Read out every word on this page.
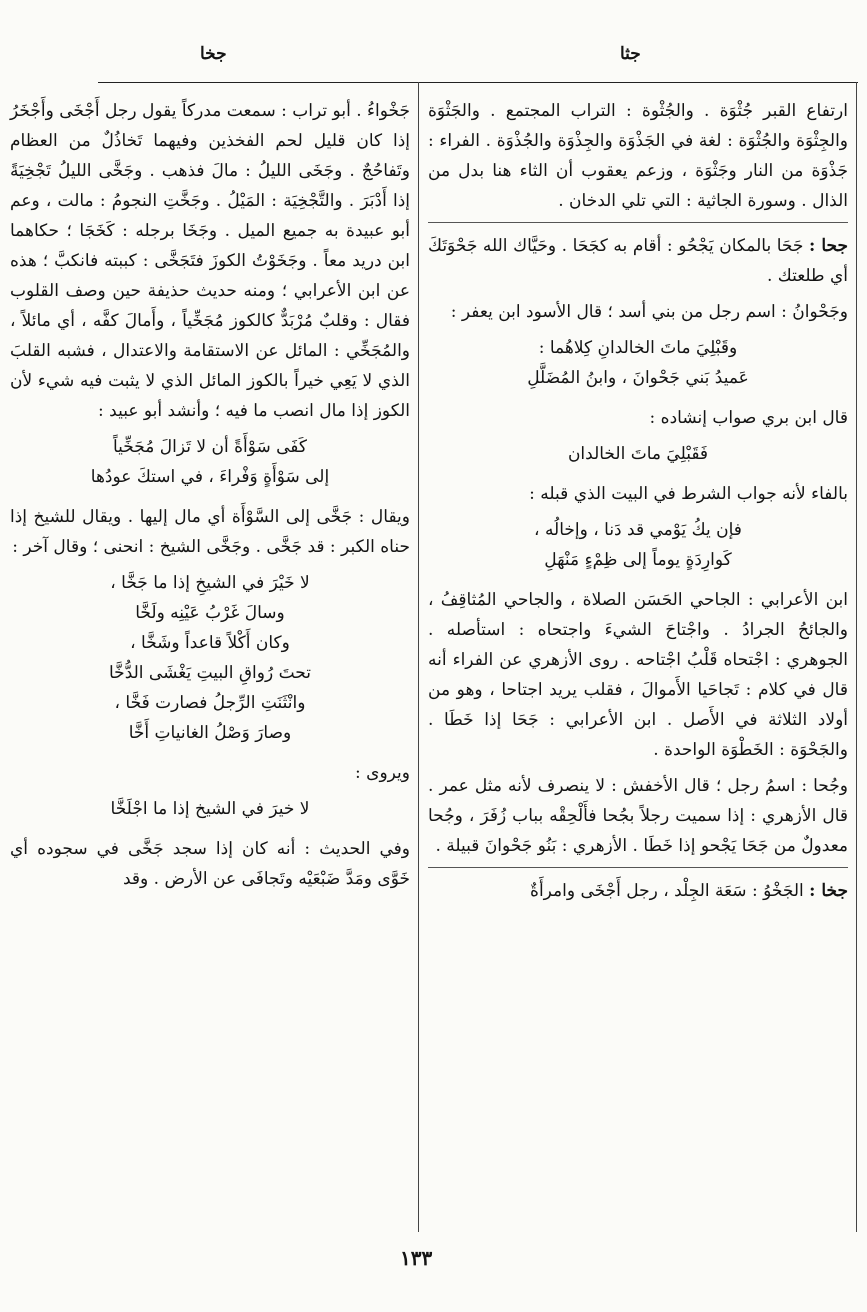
جثا
جخا

ارتفاع القبر جُثْوَة . والجُثْوة : التراب المجتمع . والجَثْوَة والجِثْوَة والجُثْوَة : لغة في الجَذْوَة والجِذْوَة والجُذْوَة . الفراء : جَذْوَة من النار وجَثْوَة ، وزعم يعقوب أن الثاء هنا بدل من الذال . وسورة الجاثية : التي تلي الدخان .

جحا : جَحَا بالمكان يَجْحُو : أقام به كجَحَا . وحَيَّاك الله جَحْوَتَكَ أي طلعتك .

وجَحْوانُ : اسم رجل من بني أسد ؛ قال الأسود ابن يعفر :

وقَبْلِيَ ماتَ الخالدانِ كِلاهُما :
عَميدُ بَني جَحْوانَ ، وابنُ المُضَلَّلِ

قال ابن بري صواب إنشاده :

فَقَبْلِيَ ماتَ الخالدان

بالفاء لأنه جواب الشرط في البيت الذي قبله :

فإن يكُ يَوْمي قد دَنا ، وإخالُه ،
كَوارِدَةٍ يوماً إلى ظِمْءٍ مَنْهَلِ

ابن الأعرابي : الجاحي الحَسَن الصلاة ، والجاحي المُثاقِفُ ، والجائحُ الجرادُ . واجْتاحَ الشيءَ واجتحاه : استأصله . الجوهري : اجْتحاه قَلْبُ اجْتاحه . روى الأزهري عن الفراء أنه قال في كلام : تَجاحَيا الأَموالَ ، فقلب يريد اجتاحا ، وهو من أولاد الثلاثة في الأَصل . ابن الأعرابي : جَحَا إذا خَطَا . والجَحْوَة : الخَطْوَة الواحدة .

وجُحا : اسمُ رجل ؛ قال الأخفش : لا ينصرف لأنه مثل عمر . قال الأزهري : إذا سميت رجلاً بجُحا فأَلْحِقْه بباب زُفَرَ ، وجُحا معدولٌ من جَحَا يَجْحو إذا خَطَا . الأزهري : بَنُو جَحْوانَ قبيلة .

جخا : الجَخْوُ : سَعَة الجِلْد ، رجل أَجْخَى وامرأَةٌ

جَخْواءُ . أبو تراب : سمعت مدركاً يقول رجل أَجْخَى وأَجْخَرُ إذا كان قليل لحم الفخذين وفيهما تَخاذُلٌ من العظام وتَفاحُجٌ . وجَخَى الليلُ : مالَ فذهب . وجَخَّى الليلُ تَجْخِيَةً إذا أَدْبَرَ . والتَّجْخِيَة : المَيْلُ . وجَخَّتِ النجومُ : مالت ، وعم أبو عبيدة به جميع الميل . وجَخَا برجله : كَخَجَا ؛ حكاهما ابن دريد معاً . وجَخَوْتُ الكوزَ فتَجَخَّى : كببته فانكبَّ ؛ هذه عن ابن الأعرابي ؛ ومنه حديث حذيفة حين وصف القلوب فقال : وقلبٌ مُرْبَدٌّ كالكوز مُجَخِّياً ، وأَمالَ كفَّه ، أي مائلاً ، والمُجَخِّي : المائل عن الاستقامة والاعتدال ، فشبه القلبَ الذي لا يَعِي خيراً بالكوز المائل الذي لا يثبت فيه شيء لأن الكوز إذا مال انصب ما فيه ؛ وأنشد أبو عبيد :

كَفَى سَوْأَةً أن لا تَزالَ مُجَخِّياً
إلى سَوْأَةٍ وَفْراءَ ، في استكَ عودُها

ويقال : جَخَّى إلى السَّوْأَة أي مال إليها . ويقال للشيخ إذا حناه الكبر : قد جَخَّى . وجَخَّى الشيخ : انحنى ؛ وقال آخر :

لا خَيْرَ في الشيخِ إذا ما جَخَّا ،
وسالَ غَرْبُ عَيْنِه ولَخَّا
وكان أَكْلاً قاعداً وشَخَّا ،
تحتَ رُواقِ البيتِ يَغْشَى الدُّخَّا
وانْثَنَتِ الرِّجلُ فصارت فَخَّا ،
وصارَ وَصْلُ الغانياتِ أَخَّا

ويروى :

لا خيرَ في الشيخ إذا ما اجْلَخَّا

وفي الحديث : أنه كان إذا سجد جَخَّى في سجوده أي خَوَّى ومَدَّ ضَبْعَيْه وتَجافَى عن الأرض . وقد

١٣٣
